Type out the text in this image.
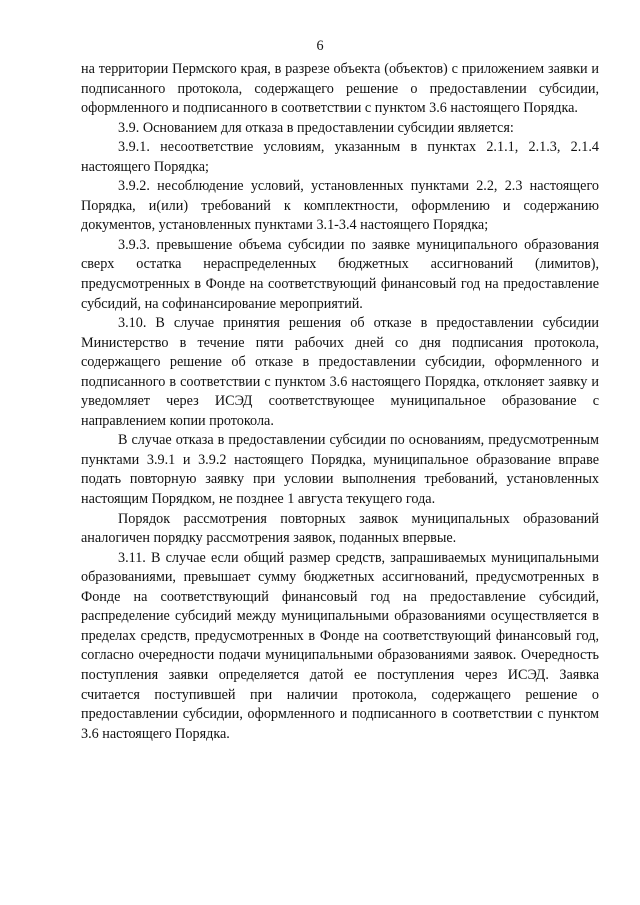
6

на территории Пермского края, в разрезе объекта (объектов) с приложением заявки и подписанного протокола, содержащего решение о предоставлении субсидии, оформленного и подписанного в соответствии с пунктом 3.6 настоящего Порядка.

3.9. Основанием для отказа в предоставлении субсидии является:

3.9.1. несоответствие условиям, указанным в пунктах 2.1.1, 2.1.3, 2.1.4 настоящего Порядка;

3.9.2. несоблюдение условий, установленных пунктами 2.2, 2.3 настоящего Порядка, и(или) требований к комплектности, оформлению и содержанию документов, установленных пунктами 3.1-3.4 настоящего Порядка;

3.9.3. превышение объема субсидии по заявке муниципального образования сверх остатка нераспределенных бюджетных ассигнований (лимитов), предусмотренных в Фонде на соответствующий финансовый год на предоставление субсидий, на софинансирование мероприятий.

3.10. В случае принятия решения об отказе в предоставлении субсидии Министерство в течение пяти рабочих дней со дня подписания протокола, содержащего решение об отказе в предоставлении субсидии, оформленного и подписанного в соответствии с пунктом 3.6 настоящего Порядка, отклоняет заявку и уведомляет через ИСЭД соответствующее муниципальное образование с направлением копии протокола.

В случае отказа в предоставлении субсидии по основаниям, предусмотренным пунктами 3.9.1 и 3.9.2 настоящего Порядка, муниципальное образование вправе подать повторную заявку при условии выполнения требований, установленных настоящим Порядком, не позднее 1 августа текущего года.

Порядок рассмотрения повторных заявок муниципальных образований аналогичен порядку рассмотрения заявок, поданных впервые.

3.11. В случае если общий размер средств, запрашиваемых муниципальными образованиями, превышает сумму бюджетных ассигнований, предусмотренных в Фонде на соответствующий финансовый год на предоставление субсидий, распределение субсидий между муниципальными образованиями осуществляется в пределах средств, предусмотренных в Фонде на соответствующий финансовый год, согласно очередности подачи муниципальными образованиями заявок. Очередность поступления заявки определяется датой ее поступления через ИСЭД. Заявка считается поступившей при наличии протокола, содержащего решение о предоставлении субсидии, оформленного и подписанного в соответствии с пунктом 3.6 настоящего Порядка.
